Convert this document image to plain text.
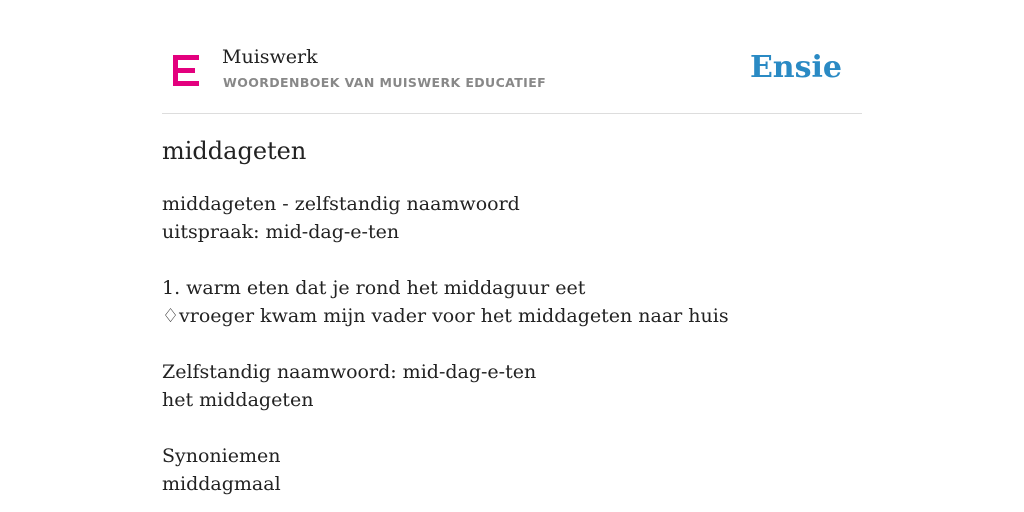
Muiswerk
WOORDENBOEK VAN MUISWERK EDUCATIEF	Ensie
middageten
middageten - zelfstandig naamwoord
uitspraak: mid-dag-e-ten
1. warm eten dat je rond het middaguur eet
♢vroeger kwam mijn vader voor het middageten naar huis
Zelfstandig naamwoord: mid-dag-e-ten
het middageten
Synoniemen
middagmaal
